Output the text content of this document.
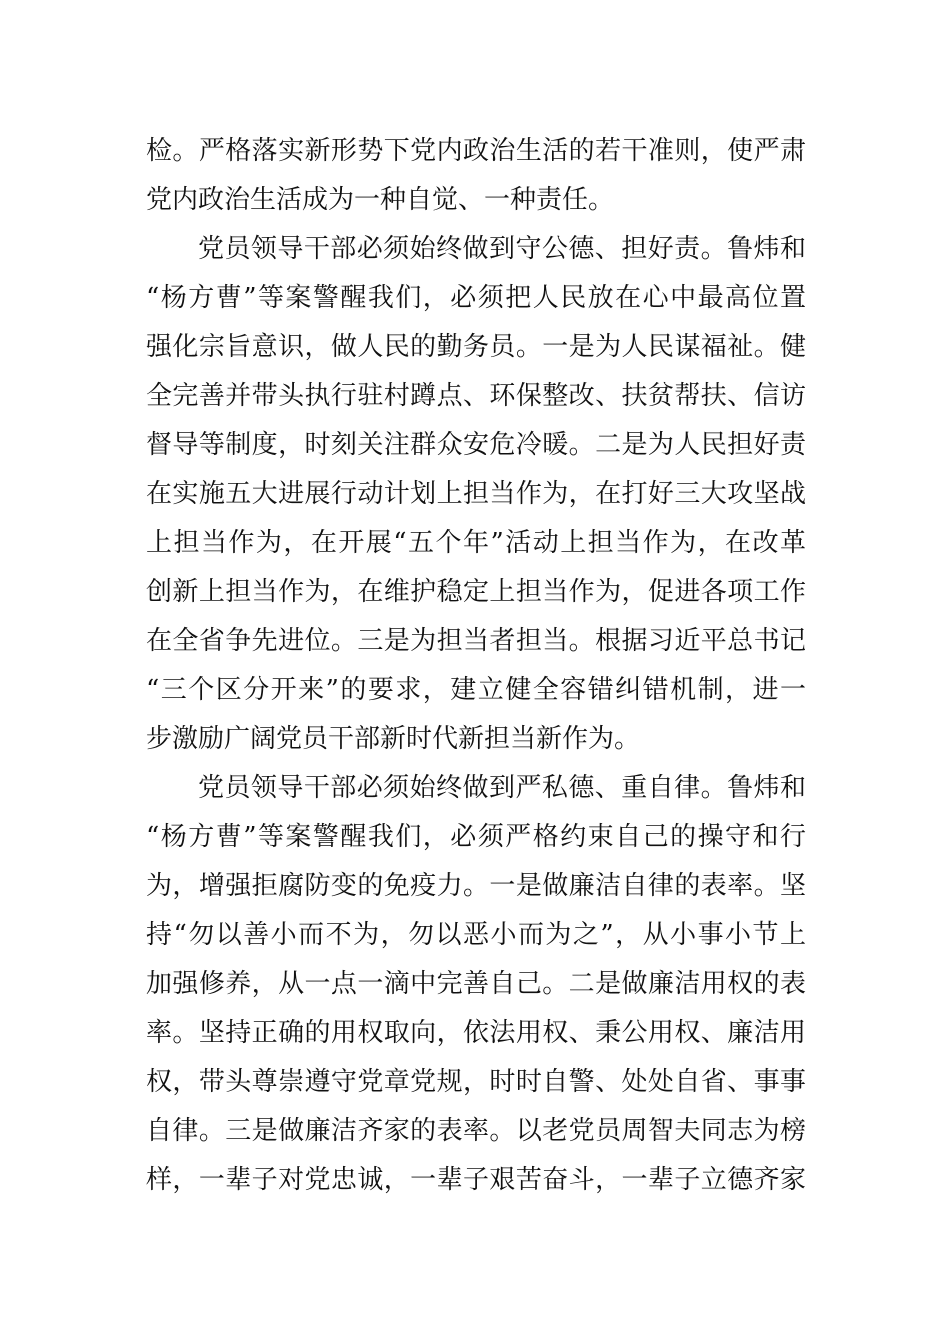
检。严格落实新形势下党内政治生活的若干准则，使严肃
党内政治生活成为一种自觉、一种责任。
党员领导干部必须始终做到守公德、担好责。鲁炜和
“杨方曹”等案警醒我们，必须把人民放在心中最高位置
强化宗旨意识，做人民的勤务员。一是为人民谋福祉。健
全完善并带头执行驻村蹲点、环保整改、扶贫帮扶、信访
督导等制度，时刻关注群众安危冷暖。二是为人民担好责
在实施五大进展行动计划上担当作为，在打好三大攻坚战
上担当作为，在开展“五个年”活动上担当作为，在改革
创新上担当作为，在维护稳定上担当作为，促进各项工作
在全省争先进位。三是为担当者担当。根据习近平总书记
“三个区分开来”的要求，建立健全容错纠错机制，进一
步激励广阔党员干部新时代新担当新作为。
党员领导干部必须始终做到严私德、重自律。鲁炜和
“杨方曹”等案警醒我们，必须严格约束自己的操守和行
为，增强拒腐防变的免疫力。一是做廉洁自律的表率。坚
持“勿以善小而不为，勿以恶小而为之”，从小事小节上
加强修养，从一点一滴中完善自己。二是做廉洁用权的表
率。坚持正确的用权取向，依法用权、秉公用权、廉洁用
权，带头尊崇遵守党章党规，时时自警、处处自省、事事
自律。三是做廉洁齐家的表率。以老党员周智夫同志为榜
样，一辈子对党忠诚，一辈子艰苦奋斗，一辈子立德齐家
